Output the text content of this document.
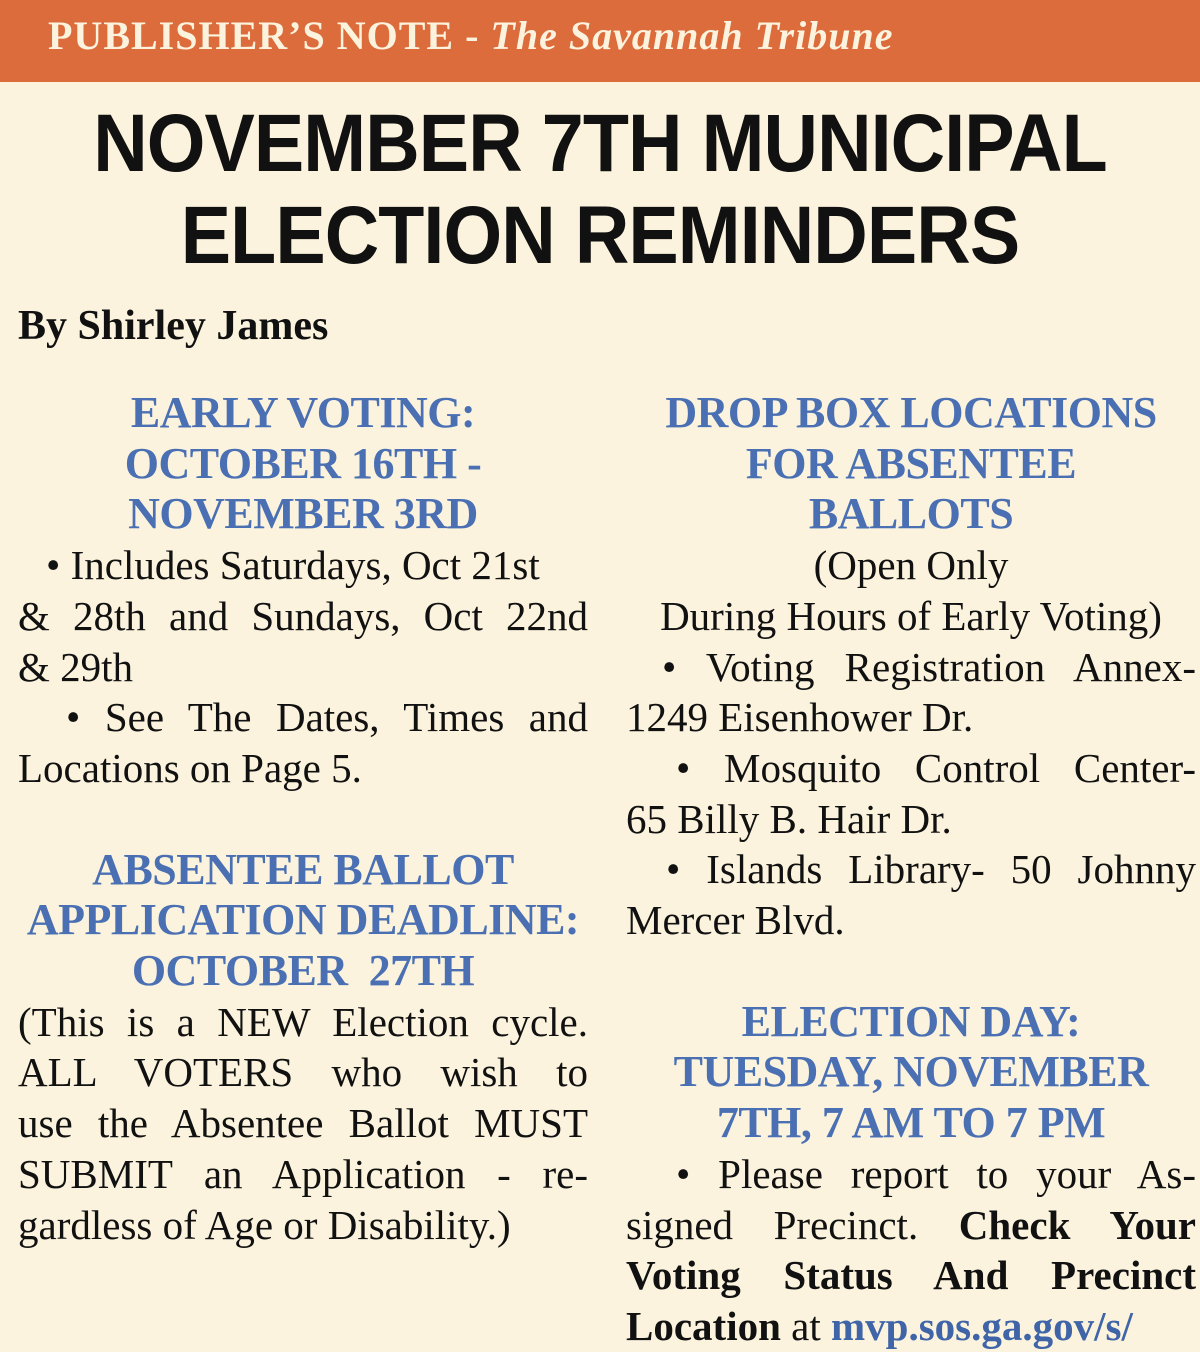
PUBLISHER’S NOTE - The Savannah Tribune
NOVEMBER 7TH MUNICIPAL
ELECTION REMINDERS
By Shirley James
EARLY VOTING:
OCTOBER 16TH -
NOVEMBER 3RD
• Includes Saturdays, Oct 21st
& 28th and Sundays, Oct 22nd
& 29th
• See The Dates, Times and
Locations on Page 5.
ABSENTEE BALLOT
APPLICATION DEADLINE:
OCTOBER  27TH
(This is a NEW Election cycle.
ALL VOTERS who wish to
use the Absentee Ballot MUST
SUBMIT an Application - re-
gardless of Age or Disability.)
DROP BOX LOCATIONS
FOR ABSENTEE
BALLOTS
(Open Only
During Hours of Early Voting)
• Voting Registration Annex-
1249 Eisenhower Dr.
• Mosquito Control Center-
65 Billy B. Hair Dr.
• Islands Library- 50 Johnny
Mercer Blvd.
ELECTION DAY:
TUESDAY, NOVEMBER
7TH, 7 AM TO 7 PM
• Please report to your As-
signed Precinct. Check Your
Voting Status And Precinct
Location at mvp.sos.ga.gov/s/
